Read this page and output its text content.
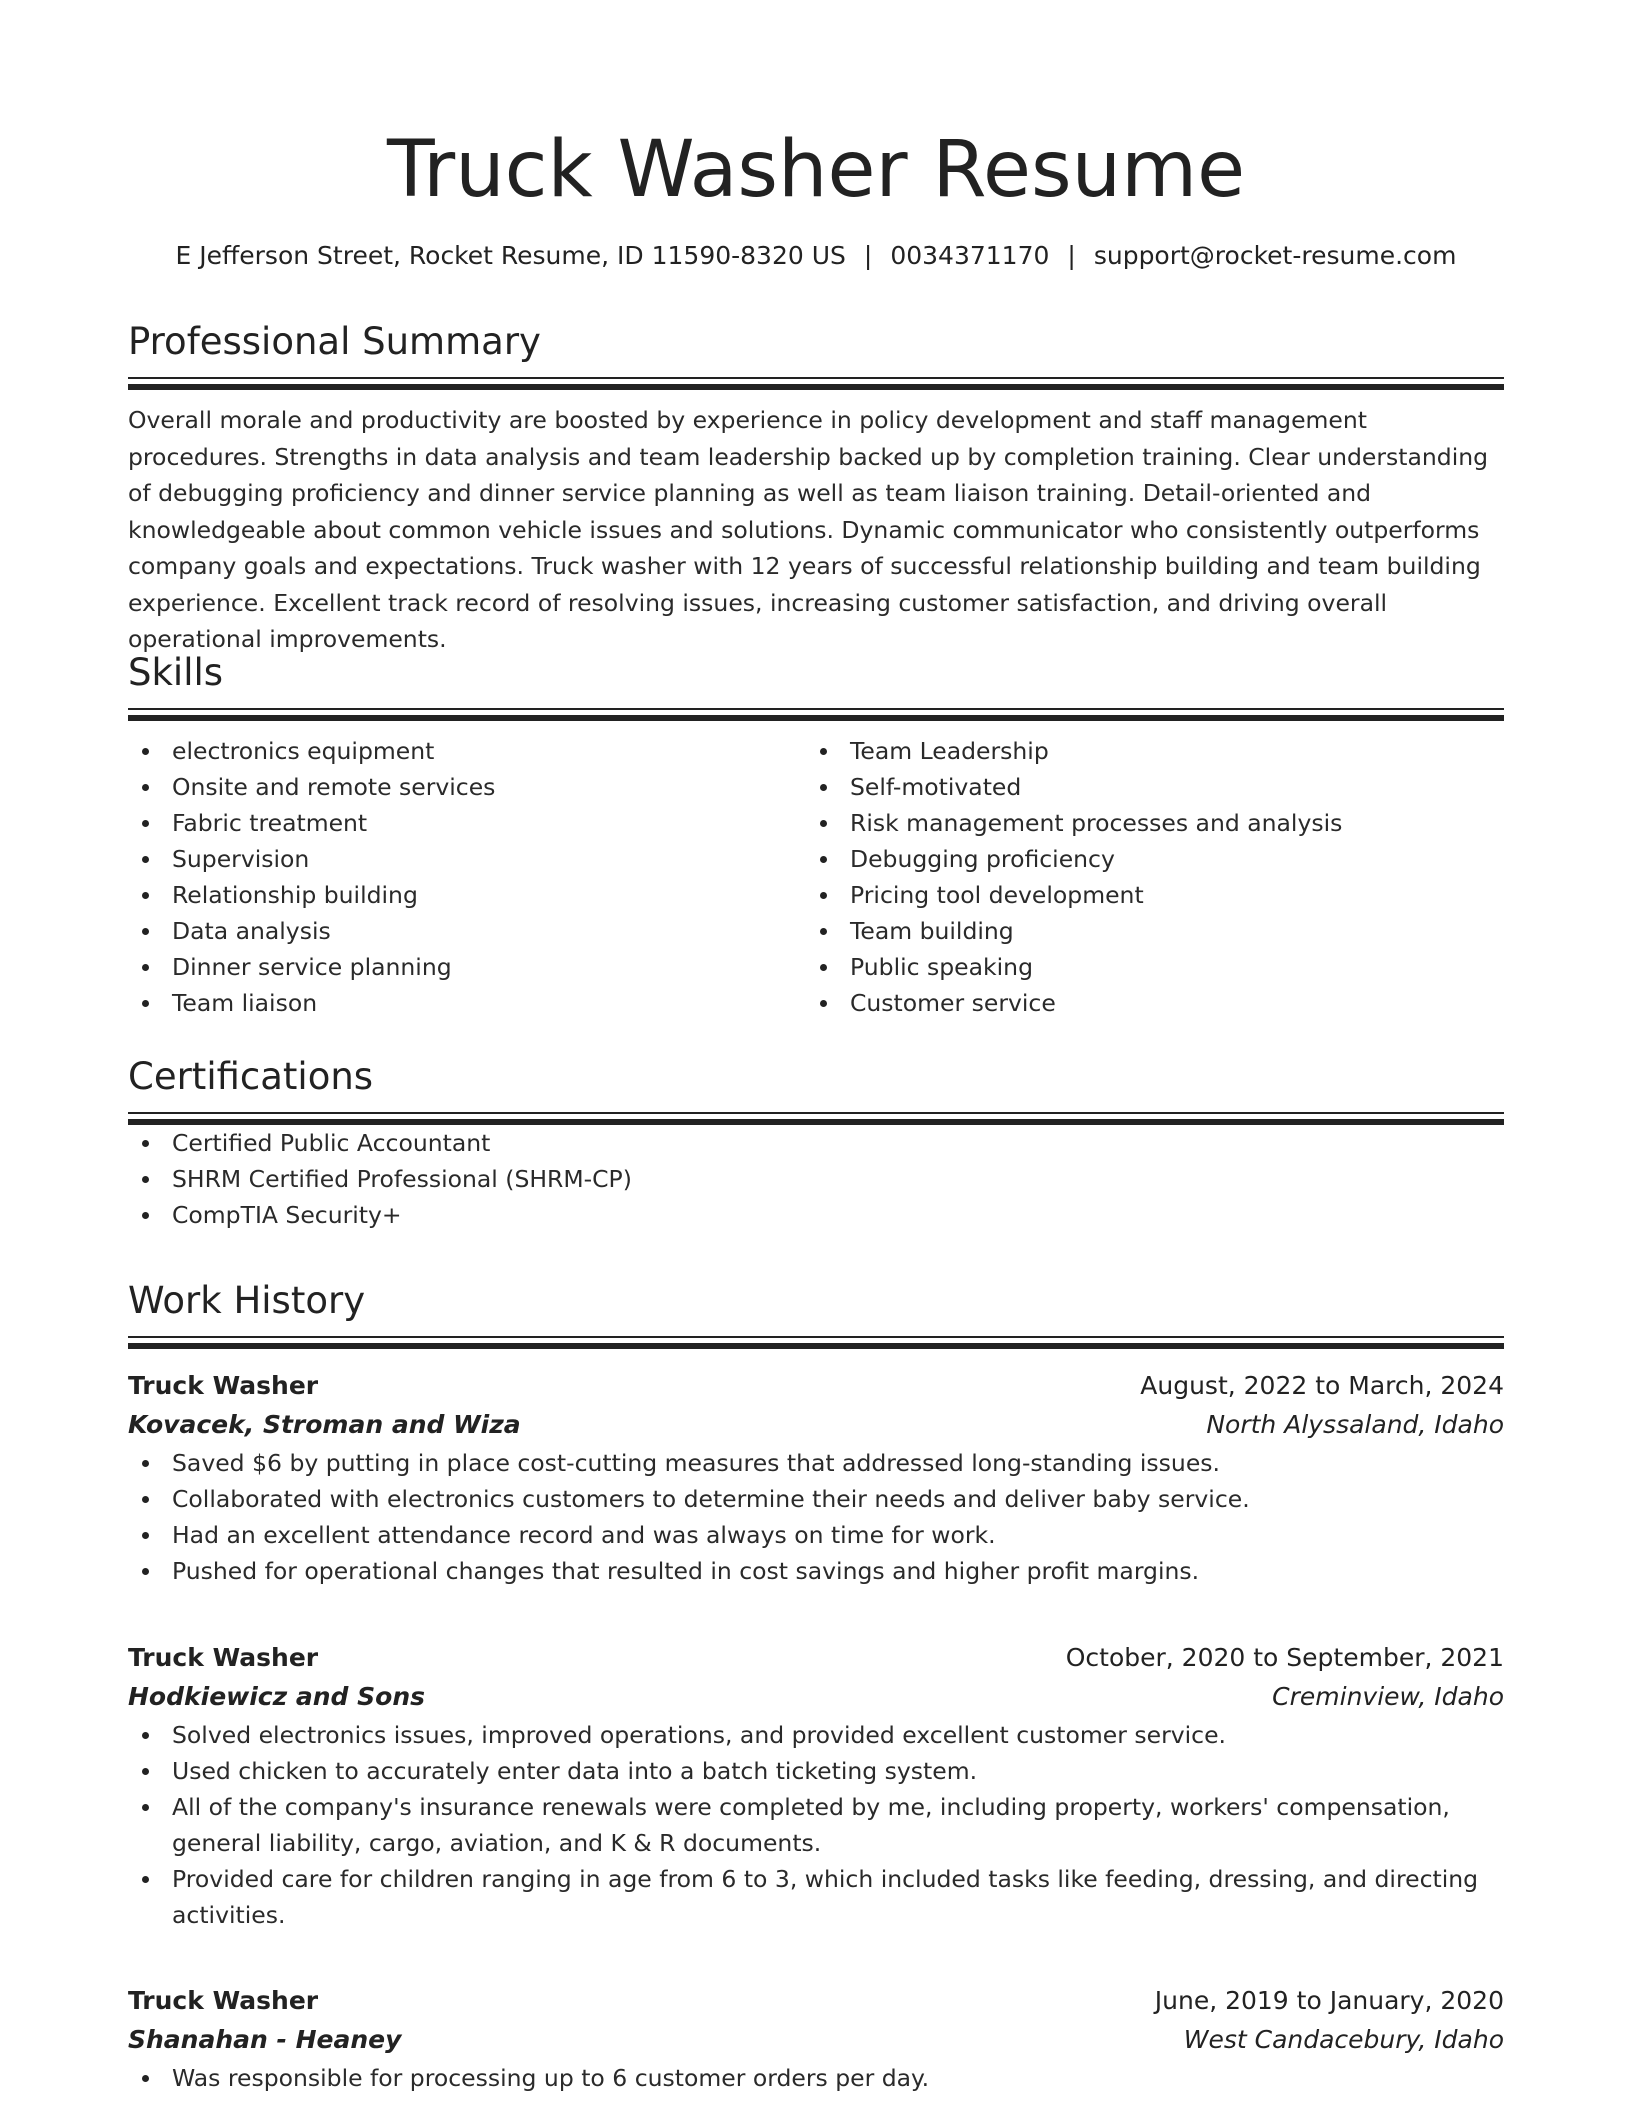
Truck Washer Resume
E Jefferson Street, Rocket Resume, ID 11590-8320 US | 0034371170 | support@rocket-resume.com
Professional Summary

Overall morale and productivity are boosted by experience in policy development and staff management procedures. Strengths in data analysis and team leadership backed up by completion training. Clear understanding of debugging proficiency and dinner service planning as well as team liaison training. Detail-oriented and knowledgeable about common vehicle issues and solutions. Dynamic communicator who consistently outperforms company goals and expectations. Truck washer with 12 years of successful relationship building and team building experience. Excellent track record of resolving issues, increasing customer satisfaction, and driving overall operational improvements.

Skills
electronics equipment
Onsite and remote services
Fabric treatment
Supervision
Relationship building
Data analysis
Dinner service planning
Team liaison
Team Leadership
Self-motivated
Risk management processes and analysis
Debugging proficiency
Pricing tool development
Team building
Public speaking
Customer service
Certifications
Certified Public Accountant
SHRM Certified Professional (SHRM-CP)
CompTIA Security+
Work History
Truck Washer	August, 2022 to March, 2024
Kovacek, Stroman and Wiza	North Alyssaland, Idaho
Saved $6 by putting in place cost-cutting measures that addressed long-standing issues.
Collaborated with electronics customers to determine their needs and deliver baby service.
Had an excellent attendance record and was always on time for work.
Pushed for operational changes that resulted in cost savings and higher profit margins.
Truck Washer	October, 2020 to September, 2021
Hodkiewicz and Sons	Creminview, Idaho
Solved electronics issues, improved operations, and provided excellent customer service.
Used chicken to accurately enter data into a batch ticketing system.
All of the company's insurance renewals were completed by me, including property, workers' compensation, general liability, cargo, aviation, and K & R documents.
Provided care for children ranging in age from 6 to 3, which included tasks like feeding, dressing, and directing activities.
Truck Washer	June, 2019 to January, 2020
Shanahan - Heaney	West Candacebury, Idaho
Was responsible for processing up to 6 customer orders per day.
